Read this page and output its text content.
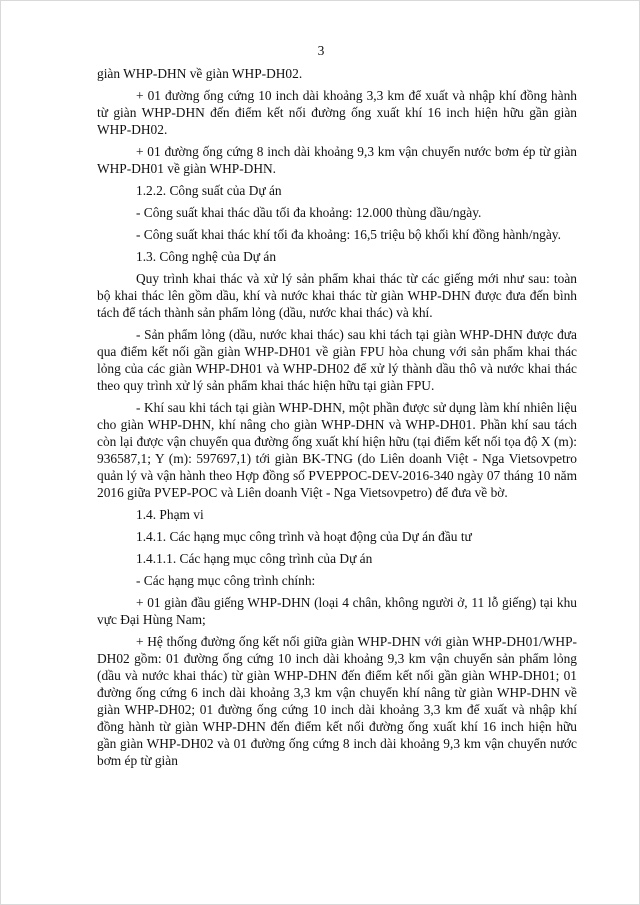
3

giàn WHP-DHN về giàn WHP-DH02.

+ 01 đường ống cứng 10 inch dài khoảng 3,3 km để xuất và nhập khí đồng hành từ giàn WHP-DHN đến điểm kết nối đường ống xuất khí 16 inch hiện hữu gần giàn WHP-DH02.

+ 01 đường ống cứng 8 inch dài khoảng 9,3 km vận chuyển nước bơm ép từ giàn WHP-DH01 về giàn WHP-DHN.

1.2.2. Công suất của Dự án

- Công suất khai thác dầu tối đa khoảng: 12.000 thùng dầu/ngày.

- Công suất khai thác khí tối đa khoảng: 16,5 triệu bộ khối khí đồng hành/ngày.

1.3. Công nghệ của Dự án

Quy trình khai thác và xử lý sản phẩm khai thác từ các giếng mới như sau: toàn bộ khai thác lên gồm dầu, khí và nước khai thác từ giàn WHP-DHN được đưa đến bình tách để tách thành sản phẩm lỏng (dầu, nước khai thác) và khí.

- Sản phẩm lỏng (dầu, nước khai thác) sau khi tách tại giàn WHP-DHN được đưa qua điểm kết nối gần giàn WHP-DH01 về giàn FPU hòa chung với sản phẩm khai thác lỏng của các giàn WHP-DH01 và WHP-DH02 để xử lý thành dầu thô và nước khai thác theo quy trình xử lý sản phẩm khai thác hiện hữu tại giàn FPU.

- Khí sau khi tách tại giàn WHP-DHN, một phần được sử dụng làm khí nhiên liệu cho giàn WHP-DHN, khí nâng cho giàn WHP-DHN và WHP-DH01. Phần khí sau tách còn lại được vận chuyển qua đường ống xuất khí hiện hữu (tại điểm kết nối tọa độ X (m): 936587,1; Y (m): 597697,1) tới giàn BK-TNG (do Liên doanh Việt - Nga Vietsovpetro quản lý và vận hành theo Hợp đồng số PVEPPOC-DEV-2016-340 ngày 07 tháng 10 năm 2016 giữa PVEP-POC và Liên doanh Việt - Nga Vietsovpetro) để đưa về bờ.

1.4. Phạm vi

1.4.1. Các hạng mục công trình và hoạt động của Dự án đầu tư

1.4.1.1. Các hạng mục công trình của Dự án

- Các hạng mục công trình chính:

+ 01 giàn đầu giếng WHP-DHN (loại 4 chân, không người ở, 11 lỗ giếng) tại khu vực Đại Hùng Nam;

+ Hệ thống đường ống kết nối giữa giàn WHP-DHN với giàn WHP-DH01/WHP-DH02 gồm: 01 đường ống cứng 10 inch dài khoảng 9,3 km vận chuyển sản phẩm lỏng (dầu và nước khai thác) từ giàn WHP-DHN đến điểm kết nối gần giàn WHP-DH01; 01 đường ống cứng 6 inch dài khoảng 3,3 km vận chuyển khí nâng từ giàn WHP-DHN về giàn WHP-DH02; 01 đường ống cứng 10 inch dài khoảng 3,3 km để xuất và nhập khí đồng hành từ giàn WHP-DHN đến điểm kết nối đường ống xuất khí 16 inch hiện hữu gần giàn WHP-DH02 và 01 đường ống cứng 8 inch dài khoảng 9,3 km vận chuyển nước bơm ép từ giàn
